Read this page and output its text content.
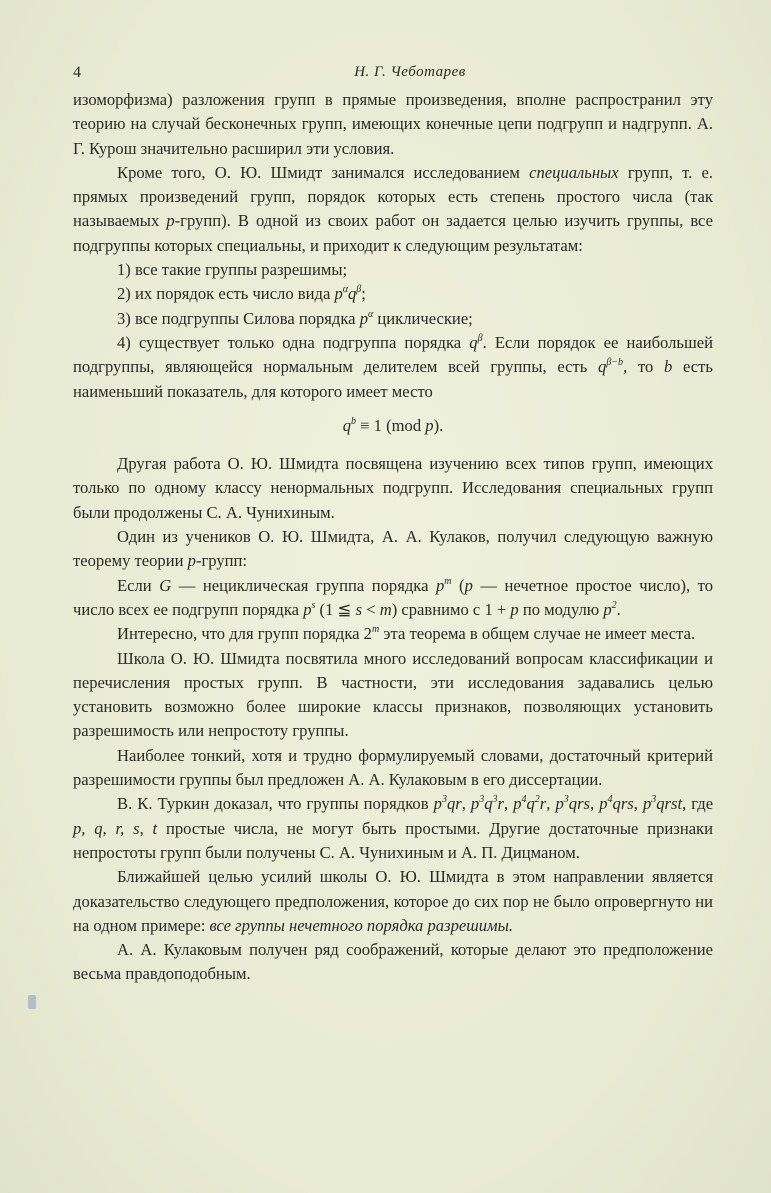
4	Н. Г. Чеботарев

изоморфизма) разложения групп в прямые произведения, вполне распространил эту теорию на случай бесконечных групп, имеющих конечные цепи подгрупп и надгрупп. А. Г. Курош значительно расширил эти условия.

Кроме того, О. Ю. Шмидт занимался исследованием специальных групп, т. е. прямых произведений групп, порядок которых есть степень простого числа (так называемых p-групп). В одной из своих работ он задается целью изучить группы, все подгруппы которых специальны, и приходит к следующим результатам:

1) все такие группы разрешимы;

2) их порядок есть число вида $p^\alpha q^\beta$;

3) все подгруппы Силова порядка $p^\alpha$ циклические;

4) существует только одна подгруппа порядка $q^\beta$. Если порядок ее наибольшей подгруппы, являющейся нормальным делителем всей группы, есть $q^{\beta-b}$, то b есть наименьший показатель, для которого имеет место

$q^b \equiv 1$ (mod p).

Другая работа О. Ю. Шмидта посвящена изучению всех типов групп, имеющих только по одному классу ненормальных подгрупп. Исследования специальных групп были продолжены С. А. Чунихиным.

Один из учеников О. Ю. Шмидта, А. А. Кулаков, получил следующую важную теорему теории p-групп:

Если G — нециклическая группа порядка $p^m$ (p — нечетное простое число), то число всех ее подгрупп порядка $p^s$ (1 ≦ s < m) сравнимо с 1 + p по модулю $p^2$.

Интересно, что для групп порядка 2$^m$ эта теорема в общем случае не имеет места.

Школа О. Ю. Шмидта посвятила много исследований вопросам классификации и перечисления простых групп. В частности, эти исследования задавались целью установить возможно более широкие классы признаков, позволяющих установить разрешимость или непростоту группы.

Наиболее тонкий, хотя и трудно формулируемый словами, достаточный критерий разрешимости группы был предложен А. А. Кулаковым в его диссертации.

В. К. Туркин доказал, что группы порядков $p^3qr$, $p^3q^3r$, $p^4q^2r$, $p^3qrs$, $p^4qrs$, $p^3qrst$, где p, q, r, s, t простые числа, не могут быть простыми. Другие достаточные признаки непростоты групп были получены С. А. Чунихиным и А. П. Дицманом.

Ближайшей целью усилий школы О. Ю. Шмидта в этом направлении является доказательство следующего предположения, которое до сих пор не было опровергнуто ни на одном примере: все группы нечетного порядка разрешимы.

А. А. Кулаковым получен ряд соображений, которые делают это предположение весьма правдоподобным.
